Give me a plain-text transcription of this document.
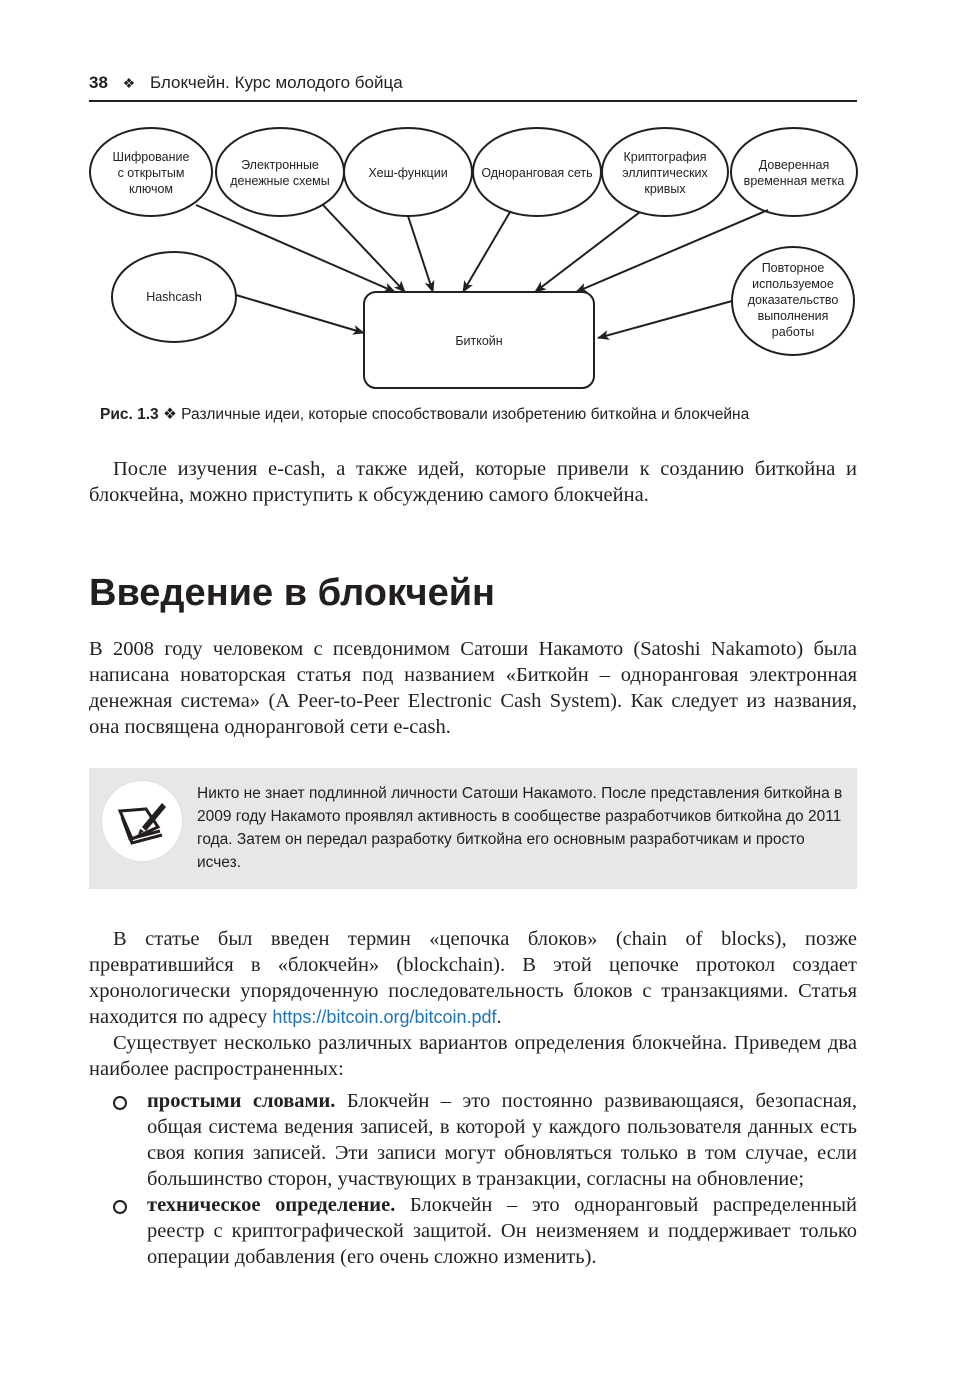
38 ❖ Блокчейн. Курс молодого бойца
Шифрование
с открытым
ключом
Электронные
денежные схемы
Хеш-функции	Одноранговая сеть
Криптография
эллиптических
кривых
Доверенная
временная метка
Hashcash
Повторное
используемое
доказательство
выполнения
работы
Биткойн
Рис. 1.3 ❖ Различные идеи, которые способствовали изобретению биткойна и блокчейна

После изучения e-cash, а также идей, которые привели к созданию биткойна и блокчейна, можно приступить к обсуждению самого блокчейна.

Введение в блокчейн

В 2008 году человеком с псевдонимом Сатоши Накамото (Satoshi Nakamoto) была написана новаторская статья под названием «Биткойн – одноранговая электронная денежная система» (A Peer-to-Peer Electronic Cash System). Как следует из названия, она посвящена одноранговой сети e-cash.

Никто не знает подлинной личности Сатоши Накамото. После представления биткойна в 2009 году Накамото проявлял активность в сообществе разработчиков биткойна до 2011 года. Затем он передал разработку биткойна его основным разработчикам и просто исчез.

В статье был введен термин «цепочка блоков» (chain of blocks), позже превратившийся в «блокчейн» (blockchain). В этой цепочке протокол создает хронологически упорядоченную последовательность блоков с транзакциями. Статья находится по адресу https://bitcoin.org/bitcoin.pdf.

Существует несколько различных вариантов определения блокчейна. Приведем два наиболее распространенных:

простыми словами. Блокчейн – это постоянно развивающаяся, безопасная, общая система ведения записей, в которой у каждого пользователя данных есть своя копия записей. Эти записи могут обновляться только в том случае, если большинство сторон, участвующих в транзакции, согласны на обновление;
техническое определение. Блокчейн – это одноранговый распределенный реестр с криптографической защитой. Он неизменяем и поддерживает только операции добавления (его очень сложно изменить).
